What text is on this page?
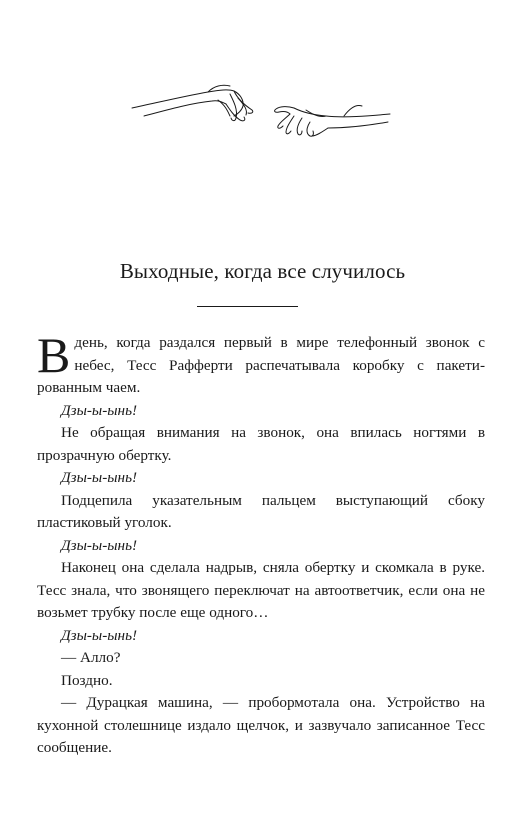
Выходные, когда все случилось

Вдень, когда раздался первый в мире телефонный звонок с небес, Тесс Рафферти распечатывала коробку с пакетированным чаем.

Дзы-ы-ынь!

Не обращая внимания на звонок, она впилась ногтями в прозрачную обертку.

Дзы-ы-ынь!

Подцепила указательным пальцем выступающий сбоку пластиковый уголок.

Дзы-ы-ынь!

Наконец она сделала надрыв, сняла обертку и скомкала в руке. Тесс знала, что звонящего переключат на автоответчик, если она не возьмет трубку после еще одного…

Дзы-ы-ынь!

— Алло?

Поздно.

— Дурацкая машина, — пробормотала она. Устройство на кухонной столешнице издало щелчок, и зазвучало записанное Тесс сообщение.
